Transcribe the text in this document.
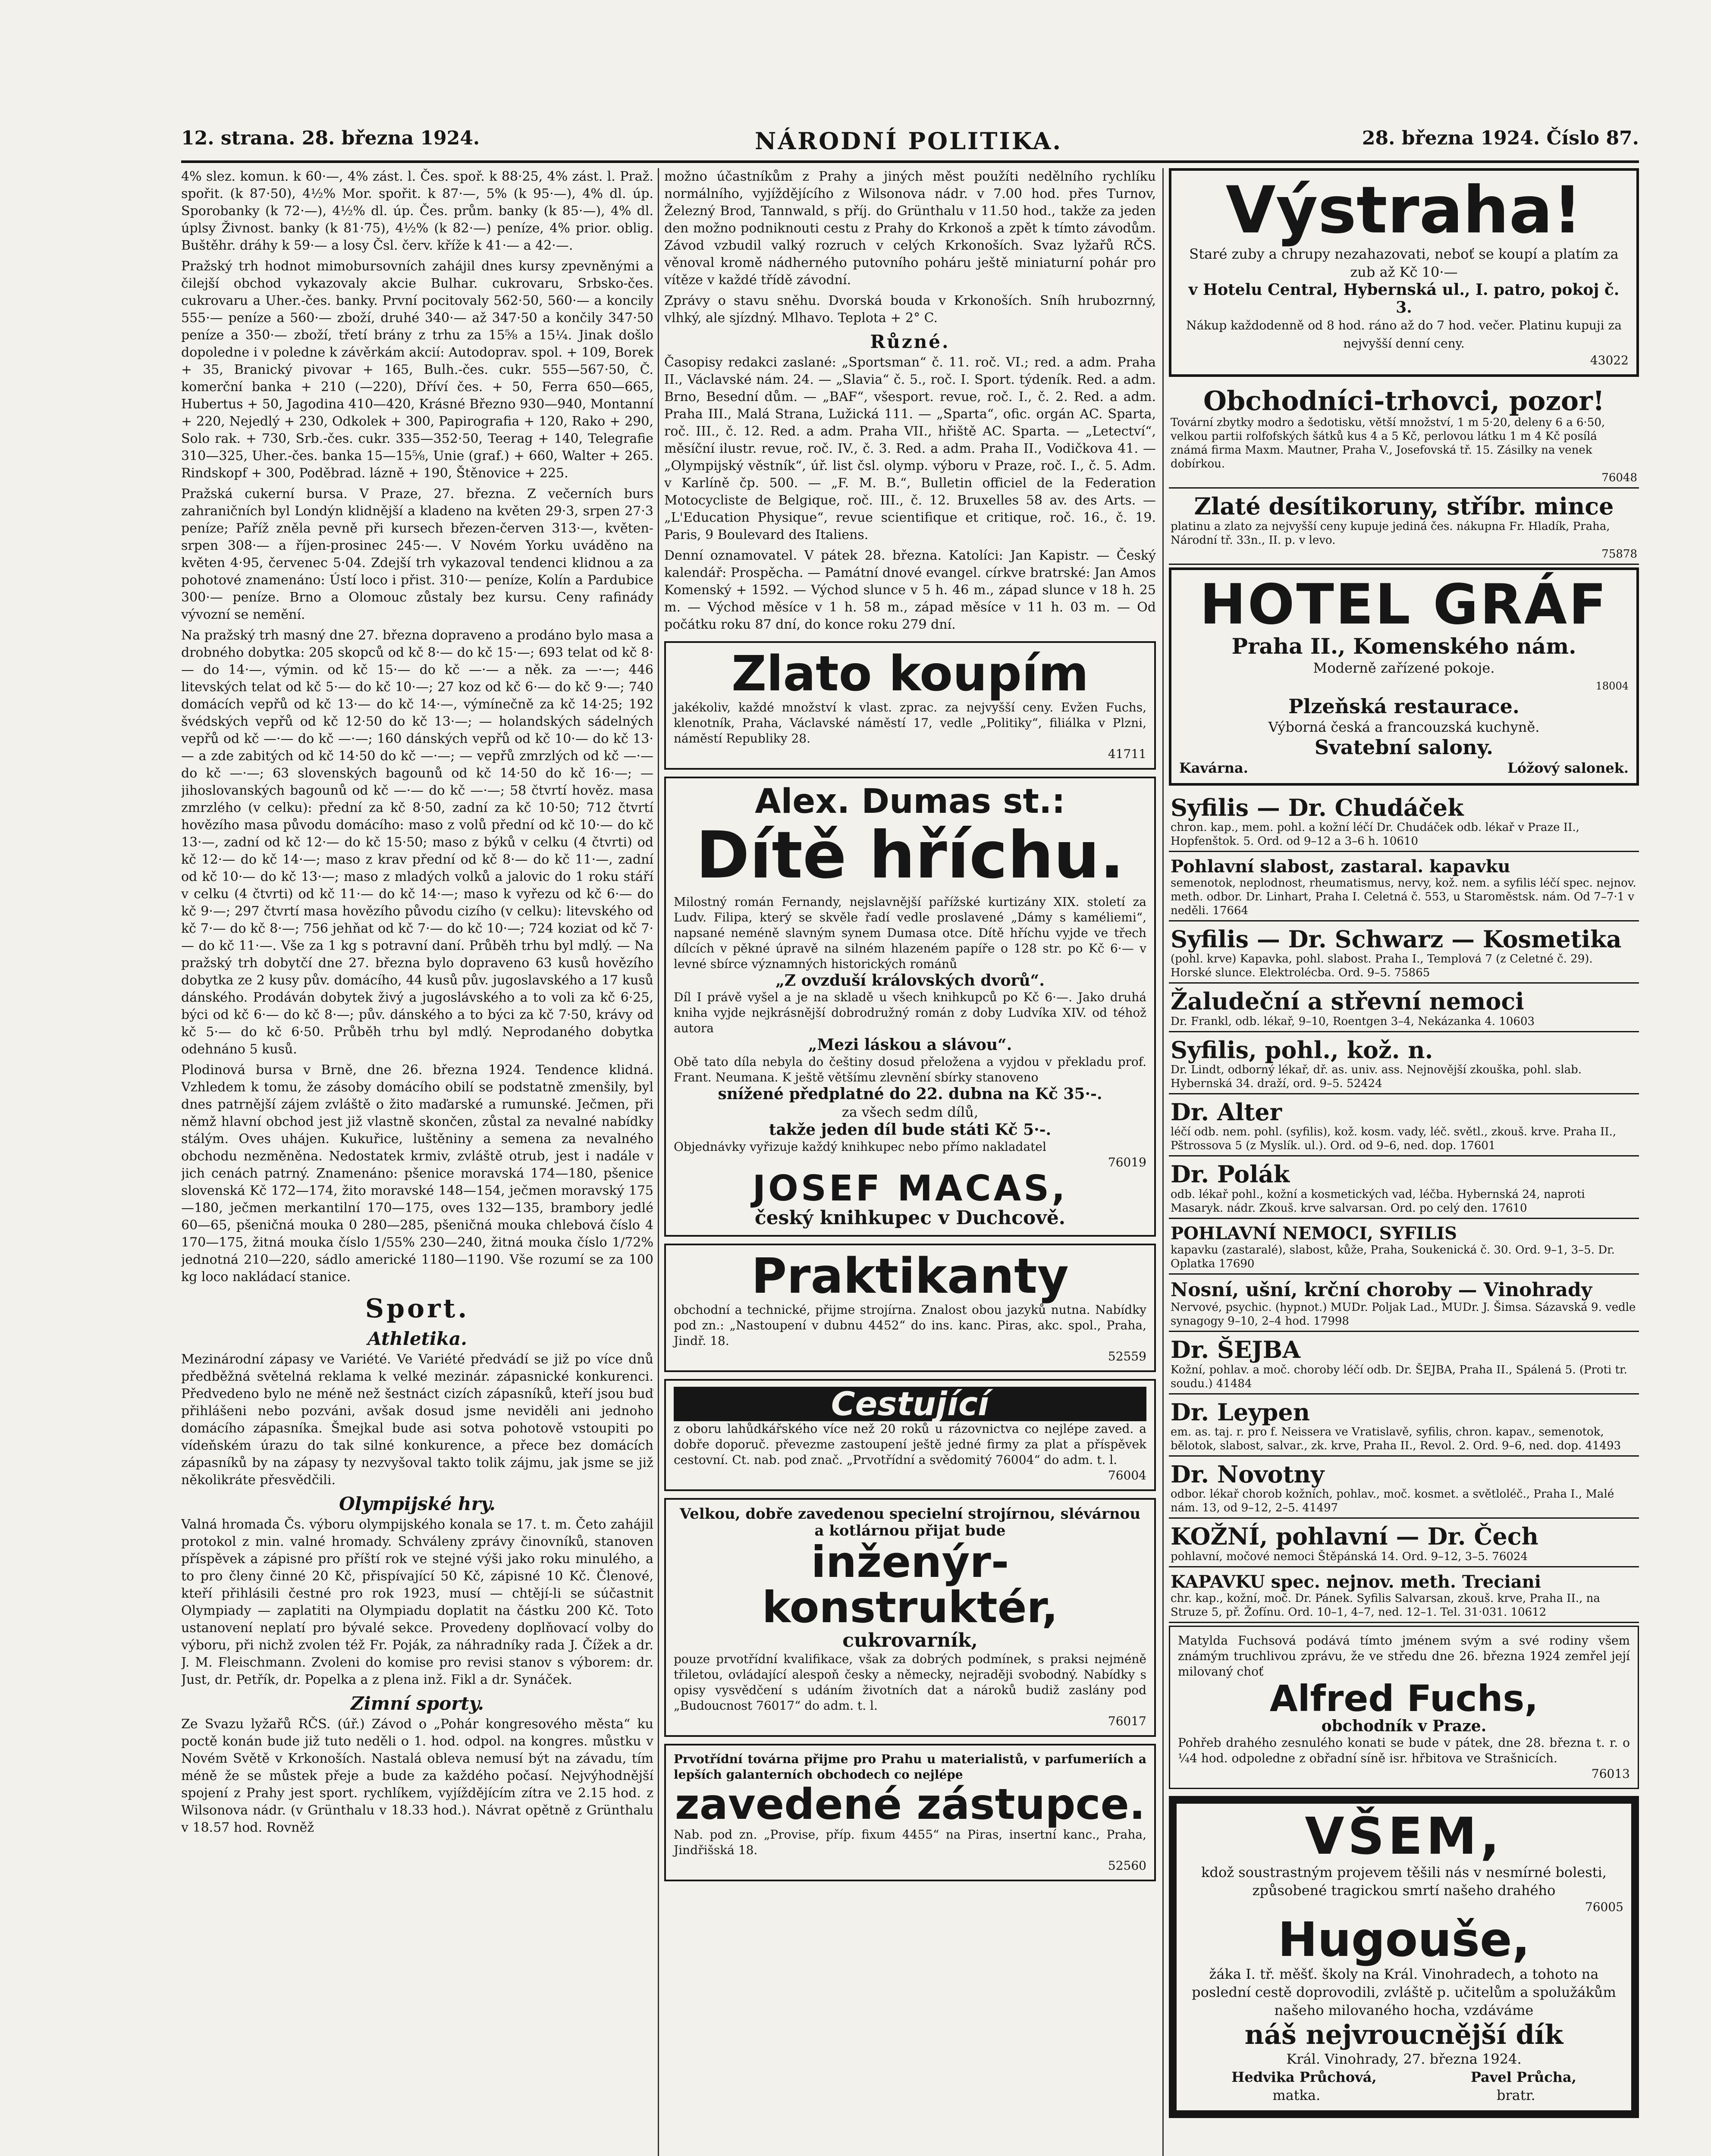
12. strana. 28. března 1924.	NÁRODNÍ POLITIKA.	28. března 1924. Číslo 87.

4% slez. komun. k 60·—, 4% zást. l. Čes. spoř. k 88·25, 4% zást. l. Praž. spořit. (k 87·50), 4½% Mor. spořit. k 87·—, 5% (k 95·—), 4% dl. úp. Sporobanky (k 72·—), 4½% dl. úp. Čes. prům. banky (k 85·—), 4% dl. úplsy Živnost. banky (k 81·75), 4½% (k 82·—) peníze, 4% prior. oblig. Buštěhr. dráhy k 59·— a losy Čsl. červ. kříže k 41·— a 42·—.

Pražský trh hodnot mimobursovních zahájil dnes kursy zpevněnými a čilejší obchod vykazovaly akcie Bulhar. cukrovaru, Srbsko-čes. cukrovaru a Uher.-čes. banky. První pocitovaly 562·50, 560·— a koncily 555·— peníze a 560·— zboží, druhé 340·— až 347·50 a končily 347·50 peníze a 350·— zboží, třetí brány z trhu za 15⅝ a 15¼. Jinak došlo dopoledne i v poledne k závěrkám akcií: Autodoprav. spol. + 109, Borek + 35, Branický pivovar + 165, Bulh.-čes. cukr. 555—567·50, Č. komerční banka + 210 (—220), Dříví čes. + 50, Ferra 650—665, Hubertus + 50, Jagodina 410—420, Krásné Březno 930—940, Montanní + 220, Nejedlý + 230, Odkolek + 300, Papirografia + 120, Rako + 290, Solo rak. + 730, Srb.-čes. cukr. 335—352·50, Teerag + 140, Telegrafie 310—325, Uher.-čes. banka 15—15⅝, Unie (graf.) + 660, Walter + 265. Rindskopf + 300, Poděbrad. lázně + 190, Štěnovice + 225.

Pražská cukerní bursa. V Praze, 27. března. Z večerních burs zahraničních byl Londýn klidnější a kladeno na květen 29·3, srpen 27·3 peníze; Paříž zněla pevně při kursech březen-červen 313·—, květen-srpen 308·— a říjen-prosinec 245·—. V Novém Yorku uváděno na květen 4·95, červenec 5·04. Zdejší trh vykazoval tendenci klidnou a za pohotové znamenáno: Ústí loco i přist. 310·— peníze, Kolín a Pardubice 300·— peníze. Brno a Olomouc zůstaly bez kursu. Ceny rafinády vývozní se nemění.

Na pražský trh masný dne 27. března dopraveno a prodáno bylo masa a drobného dobytka: 205 skopců od kč 8·— do kč 15·—; 693 telat od kč 8·— do 14·—, výmin. od kč 15·— do kč —·— a něk. za —·—; 446 litevských telat od kč 5·— do kč 10·—; 27 koz od kč 6·— do kč 9·—; 740 domácích vepřů od kč 13·— do kč 14·—, výmínečně za kč 14·25; 192 švédských vepřů od kč 12·50 do kč 13·—; — holandských sádelných vepřů od kč —·— do kč —·—; 160 dánských vepřů od kč 10·— do kč 13·— a zde zabitých od kč 14·50 do kč —·—; — vepřů zmrzlých od kč —·— do kč —·—; 63 slovenských bagounů od kč 14·50 do kč 16·—; — jihoslovanských bagounů od kč —·— do kč —·—; 58 čtvrtí hověz. masa zmrzlého (v celku): přední za kč 8·50, zadní za kč 10·50; 712 čtvrtí hovězího masa původu domácího: maso z volů přední od kč 10·— do kč 13·—, zadní od kč 12·— do kč 15·50; maso z býků v celku (4 čtvrti) od kč 12·— do kč 14·—; maso z krav přední od kč 8·— do kč 11·—, zadní od kč 10·— do kč 13·—; maso z mladých volků a jalovic do 1 roku stáří v celku (4 čtvrti) od kč 11·— do kč 14·—; maso k vyřezu od kč 6·— do kč 9·—; 297 čtvrtí masa hovězího původu cizího (v celku): litevského od kč 7·— do kč 8·—; 756 jehňat od kč 7·— do kč 10·—; 724 koziat od kč 7·— do kč 11·—. Vše za 1 kg s potravní daní. Průběh trhu byl mdlý. — Na pražský trh dobytčí dne 27. března bylo dopraveno 63 kusů hovězího dobytka ze 2 kusy pův. domácího, 44 kusů pův. jugoslavského a 17 kusů dánského. Prodáván dobytek živý a jugoslávského a to voli za kč 6·25, býci od kč 6·— do kč 8·—; pův. dánského a to býci za kč 7·50, krávy od kč 5·— do kč 6·50. Průběh trhu byl mdlý. Neprodaného dobytka odehnáno 5 kusů.

Plodinová bursa v Brně, dne 26. března 1924. Tendence klidná. Vzhledem k tomu, že zásoby domácího obilí se podstatně zmenšily, byl dnes patrnější zájem zvláště o žito maďarské a rumunské. Ječmen, při němž hlavní obchod jest již vlastně skončen, zůstal za nevalné nabídky stálým. Oves uhájen. Kukuřice, luštěniny a semena za nevalného obchodu nezměněna. Nedostatek krmiv, zvláště otrub, jest i nadále v jich cenách patrný. Znamenáno: pšenice moravská 174—180, pšenice slovenská Kč 172—174, žito moravské 148—154, ječmen moravský 175—180, ječmen merkantilní 170—175, oves 132—135, brambory jedlé 60—65, pšeničná mouka 0 280—285, pšeničná mouka chlebová číslo 4 170—175, žitná mouka číslo 1/55% 230—240, žitná mouka číslo 1/72% jednotná 210—220, sádlo americké 1180—1190. Vše rozumí se za 100 kg loco nakládací stanice.

Sport.
Athletika.

Mezinárodní zápasy ve Variété. Ve Variété předvádí se již po více dnů předběžná světelná reklama k velké mezinár. zápasnické konkurenci. Předvedeno bylo ne méně než šestnáct cizích zápasníků, kteří jsou buď přihlášeni nebo pozváni, avšak dosud jsme neviděli ani jednoho domácího zápasníka. Šmejkal bude asi sotva pohotově vstoupiti po vídeňském úrazu do tak silné konkurence, a přece bez domácích zápasníků by na zápasy ty nezvyšoval takto tolik zájmu, jak jsme se již několikráte přesvědčili.

Olympijské hry.

Valná hromada Čs. výboru olympijského konala se 17. t. m. Četo zahájil protokol z min. valné hromady. Schváleny zprávy činovníků, stanoven příspěvek a zápisné pro příští rok ve stejné výši jako roku minulého, a to pro členy činné 20 Kč, přispívající 50 Kč, zápisné 10 Kč. Členové, kteří přihlásili čestné pro rok 1923, musí — chtějí-li se súčastnit Olympiady — zaplatiti na Olympiadu doplatit na částku 200 Kč. Toto ustanovení neplatí pro bývalé sekce. Provedeny doplňovací volby do výboru, při nichž zvolen též Fr. Poják, za náhradníky rada J. Čížek a dr. J. M. Fleischmann. Zvoleni do komise pro revisi stanov s výborem: dr. Just, dr. Petřík, dr. Popelka a z plena inž. Fikl a dr. Synáček.

Zimní sporty.

Ze Svazu lyžařů RČS. (úř.) Závod o „Pohár kongresového města“ ku poctě konán bude již tuto neděli o 1. hod. odpol. na kongres. můstku v Novém Světě v Krkonoších. Nastalá obleva nemusí být na závadu, tím méně že se můstek přeje a bude za každého počasí. Nejvýhodnější spojení z Prahy jest sport. rychlíkem, vyjíždějícím zítra ve 2.15 hod. z Wilsonova nádr. (v Grünthalu v 18.33 hod.). Návrat opětně z Grünthalu v 18.57 hod. Rovněž

možno účastníkům z Prahy a jiných měst použíti nedělního rychlíku normálního, vyjíždějícího z Wilsonova nádr. v 7.00 hod. přes Turnov, Železný Brod, Tannwald, s příj. do Grünthalu v 11.50 hod., takže za jeden den možno podniknouti cestu z Prahy do Krkonoš a zpět k tímto závodům. Závod vzbudil valký rozruch v celých Krkonoších. Svaz lyžařů RČS. věnoval kromě nádherného putovního poháru ještě miniaturní pohár pro vítěze v každé třídě závodní.

Zprávy o stavu sněhu. Dvorská bouda v Krkonoších. Sníh hrubozrnný, vlhký, ale sjízdný. Mlhavo. Teplota + 2° C.

Různé.

Časopisy redakci zaslané: „Sportsman“ č. 11. roč. VI.; red. a adm. Praha II., Václavské nám. 24. — „Slavia“ č. 5., roč. I. Sport. týdeník. Red. a adm. Brno, Besední dům. — „BAF“, všesport. revue, roč. I., č. 2. Red. a adm. Praha III., Malá Strana, Lužická 111. — „Sparta“, ofic. orgán AC. Sparta, roč. III., č. 12. Red. a adm. Praha VII., hřiště AC. Sparta. — „Letectví“, měsíční ilustr. revue, roč. IV., č. 3. Red. a adm. Praha II., Vodičkova 41. — „Olympijský věstník“, úř. list čsl. olymp. výboru v Praze, roč. I., č. 5. Adm. v Karlíně čp. 500. — „F. M. B.“, Bulletin officiel de la Federation Motocycliste de Belgique, roč. III., č. 12. Bruxelles 58 av. des Arts. — „L'Education Physique“, revue scientifique et critique, roč. 16., č. 19. Paris, 9 Boulevard des Italiens.

Denní oznamovatel. V pátek 28. března. Katolíci: Jan Kapistr. — Český kalendář: Prospěcha. — Památní dnové evangel. církve bratrské: Jan Amos Komenský + 1592. — Východ slunce v 5 h. 46 m., západ slunce v 18 h. 25 m. — Východ měsíce v 1 h. 58 m., západ měsíce v 11 h. 03 m. — Od počátku roku 87 dní, do konce roku 279 dní.

Zlato koupím
jakékoliv, každé množství k vlast. zprac. za nejvyšší ceny. Evžen Fuchs, klenotník, Praha, Václavské náměstí 17, vedle „Politiky“, filiálka v Plzni, náměstí Republiky 28.
41711
Alex. Dumas st.:
Dítě hříchu.
Milostný román Fernandy, nejslavnější pařížské kurtizány XIX. století za Ludv. Filipa, který se skvěle řadí vedle proslavené „Dámy s kaméliemi“, napsané neméně slavným synem Dumasa otce. Dítě hříchu vyjde ve třech dílcích v pěkné úpravě na silném hlazeném papíře o 128 str. po Kč 6·— v levné sbírce významných historických románů
„Z ovzduší královských dvorů“.
Díl I právě vyšel a je na skladě u všech knihkupců po Kč 6·—. Jako druhá kniha vyjde nejkrásnější dobrodružný román z doby Ludvíka XIV. od téhož autora
„Mezi láskou a slávou“.
Obě tato díla nebyla do češtiny dosud přeložena a vyjdou v překladu prof. Frant. Neumana. K ještě většímu zlevnění sbírky stanoveno
snížené předplatné do 22. dubna na Kč 35·-.
za všech sedm dílů,
takže jeden díl bude státi Kč 5·-.
Objednávky vyřizuje každý knihkupec nebo přímo nakladatel
76019
JOSEF MACAS,
český knihkupec v Duchcově.
Praktikanty
obchodní a technické, přijme strojírna. Znalost obou jazyků nutna. Nabídky pod zn.: „Nastoupení v dubnu 4452“ do ins. kanc. Piras, akc. spol., Praha, Jindř. 18.
52559
Cestující
z oboru lahůdkářského více než 20 roků u rázovnictva co nejlépe zaved. a dobře doporuč. převezme zastoupení ještě jedné firmy za plat a příspěvek cestovní. Ct. nab. pod znač. „Prvotřídní a svědomitý 76004“ do adm. t. l.
76004
Velkou, dobře zavedenou specielní strojírnou, slévárnou a kotlárnou přijat bude
inženýr-konstruktér,
cukrovarník,
pouze prvotřídní kvalifikace, však za dobrých podmínek, s praksi nejméně třiletou, ovládající alespoň česky a německy, nejraději svobodný. Nabídky s opisy vysvědčení s udáním životních dat a nároků budiž zaslány pod „Budoucnost 76017“ do adm. t. l.
76017
Prvotřídní továrna přijme pro Prahu u materialistů, v parfumeriích a lepších galanterních obchodech co nejlépe
zavedené zástupce.
Nab. pod zn. „Provise, příp. fixum 4455“ na Piras, insertní kanc., Praha, Jindřišská 18.
52560
Výstraha!
Staré zuby a chrupy nezahazovati, neboť se koupí a platím za zub až Kč 10·—
v Hotelu Central, Hybernská ul., I. patro, pokoj č. 3.
Nákup každodenně od 8 hod. ráno až do 7 hod. večer. Platinu kupuji za nejvyšší denní ceny.
43022
Obchodníci-trhovci, pozor!
Tovární zbytky modro a šedotisku, větší množství, 1 m 5·20, deleny 6 a 6·50, velkou partii rolfofských šátků kus 4 a 5 Kč, perlovou látku 1 m 4 Kč posílá známá firma Maxm. Mautner, Praha V., Josefovská tř. 15. Zásilky na venek dobírkou.
76048
Zlaté desítikoruny, stříbr. mince
platinu a zlato za nejvyšší ceny kupuje jediná čes. nákupna Fr. Hladík, Praha, Národní tř. 33n., II. p. v levo.
75878
HOTEL GRÁF
Praha II., Komenského nám.
Moderně zařízené pokoje.
18004
Plzeňská restaurace.
Výborná česká a francouzská kuchyně.
Svatební salony.
Kavárna.	Lóžový salonek.
Syfilis — Dr. Chudáček
chron. kap., mem. pohl. a kožní léčí Dr. Chudáček odb. lékař v Praze II., Hopfenštok. 5. Ord. od 9–12 a 3–6 h. 10610
Pohlavní slabost, zastaral. kapavku
semenotok, neplodnost, rheumatismus, nervy, kož. nem. a syfilis léčí spec. nejnov. meth. odbor. Dr. Linhart, Praha I. Celetná č. 553, u Staroměstsk. nám. Od 7–7·1 v neděli. 17664
Syfilis — Dr. Schwarz — Kosmetika
(pohl. krve) Kapavka, pohl. slabost. Praha I., Templová 7 (z Celetné č. 29). Horské slunce. Elektrolécba. Ord. 9–5. 75865
Žaludeční a střevní nemoci
Dr. Frankl, odb. lékař, 9–10, Roentgen 3–4, Nekázanka 4. 10603
Syfilis, pohl., kož. n.
Dr. Lindt, odborný lékař, dř. as. univ. ass. Nejnovější zkouška, pohl. slab. Hybernská 34. draží, ord. 9–5. 52424
Dr. Alter
léčí odb. nem. pohl. (syfilis), kož. kosm. vady, léč. světl., zkouš. krve. Praha II., Pštrossova 5 (z Myslík. ul.). Ord. od 9–6, ned. dop. 17601
Dr. Polák
odb. lékař pohl., kožní a kosmetických vad, léčba. Hybernská 24, naproti Masaryk. nádr. Zkouš. krve salvarsan. Ord. po celý den. 17610
POHLAVNÍ NEMOCI, SYFILIS
kapavku (zastaralé), slabost, kůže, Praha, Soukenická č. 30. Ord. 9–1, 3–5. Dr. Oplatka 17690
Nosní, ušní, krční choroby — Vinohrady
Nervové, psychic. (hypnot.) MUDr. Poljak Lad., MUDr. J. Šimsa. Sázavská 9. vedle synagogy 9–10, 2–4 hod. 17998
Dr. ŠEJBA
Kožní, pohlav. a moč. choroby léčí odb. Dr. ŠEJBA, Praha II., Spálená 5. (Proti tr. soudu.) 41484
Dr. Leypen
em. as. taj. r. pro f. Neissera ve Vratislavě, syfilis, chron. kapav., semenotok, bělotok, slabost, salvar., zk. krve, Praha II., Revol. 2. Ord. 9–6, ned. dop. 41493
Dr. Novotny
odbor. lékař chorob kožních, pohlav., moč. kosmet. a světloléč., Praha I., Malé nám. 13, od 9–12, 2–5. 41497
KOŽNÍ, pohlavní — Dr. Čech
pohlavní, močové nemoci Štěpánská 14. Ord. 9–12, 3–5. 76024
KAPAVKU spec. nejnov. meth. Treciani
chr. kap., kožní, moč. Dr. Pánek. Syfilis Salvarsan, zkouš. krve, Praha II., na Struze 5, př. Žofínu. Ord. 10–1, 4–7, ned. 12–1. Tel. 31·031. 10612
Matylda Fuchsová podává tímto jménem svým a své rodiny všem známým truchlivou zprávu, že ve středu dne 26. března 1924 zemřel její milovaný choť
Alfred Fuchs,
obchodník v Praze.
Pohřeb drahého zesnulého konati se bude v pátek, dne 28. března t. r. o ¼4 hod. odpoledne z obřadní síně isr. hřbitova ve Strašnicích.
76013
VŠEM,
kdož soustrastným projevem těšili nás v nesmírné bolesti, způsobené tragickou smrtí našeho drahého
76005
Hugouše,
žáka I. tř. měšť. školy na Král. Vinohradech, a tohoto na poslední cestě doprovodili, zvláště p. učitelům a spolužákům našeho milovaného hocha, vzdáváme
náš nejvroucnější dík
Král. Vinohrady, 27. března 1924.
Hedvika Průchová,	Pavel Průcha,
matka.	bratr.
